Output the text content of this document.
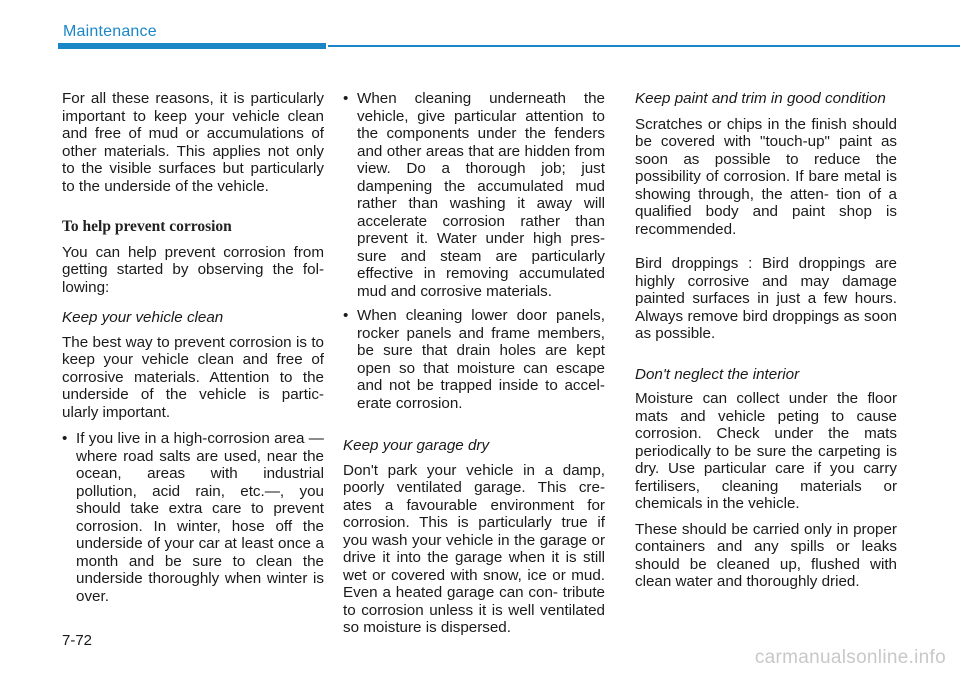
Maintenance

For all these reasons, it is particularly important to keep your vehicle clean and free of mud or accumulations of other materials. This applies not only to the visible surfaces but particularly to the underside of the vehicle.

To help prevent corrosion

You can help prevent corrosion from getting started by observing the fol- lowing:

Keep your vehicle clean

The best way to prevent corrosion is to keep your vehicle clean and free of corrosive materials. Attention to the underside of the vehicle is partic- ularly important.

• If you live in a high-corrosion area — where road salts are used, near the ocean, areas with industrial pollution, acid rain, etc.—, you should take extra care to prevent corrosion. In winter, hose off the underside of your car at least once a month and be sure to clean the underside thoroughly when winter is over.

• When cleaning underneath the vehicle, give particular attention to the components under the fenders and other areas that are hidden from view. Do a thorough job; just dampening the accumulated mud rather than washing it away will accelerate corrosion rather than prevent it. Water under high pres- sure and steam are particularly effective in removing accumulated mud and corrosive materials.

• When cleaning lower door panels, rocker panels and frame members, be sure that drain holes are kept open so that moisture can escape and not be trapped inside to accel- erate corrosion.

Keep your garage dry

Don't park your vehicle in a damp, poorly ventilated garage. This cre- ates a favourable environment for corrosion. This is particularly true if you wash your vehicle in the garage or drive it into the garage when it is still wet or covered with snow, ice or mud. Even a heated garage can con- tribute to corrosion unless it is well ventilated so moisture is dispersed.

Keep paint and trim in good condition

Scratches or chips in the finish should be covered with "touch-up" paint as soon as possible to reduce the possibility of corrosion. If bare metal is showing through, the atten- tion of a qualified body and paint shop is recommended.

Bird droppings : Bird droppings are highly corrosive and may damage painted surfaces in just a few hours. Always remove bird droppings as soon as possible.

Don't neglect the interior

Moisture can collect under the floor mats and vehicle peting to cause corrosion. Check under the mats periodically to be sure the carpeting is dry. Use particular care if you carry fertilisers, cleaning materials or chemicals in the vehicle.

These should be carried only in proper containers and any spills or leaks should be cleaned up, flushed with clean water and thoroughly dried.

7-72
carmanualsonline.info
